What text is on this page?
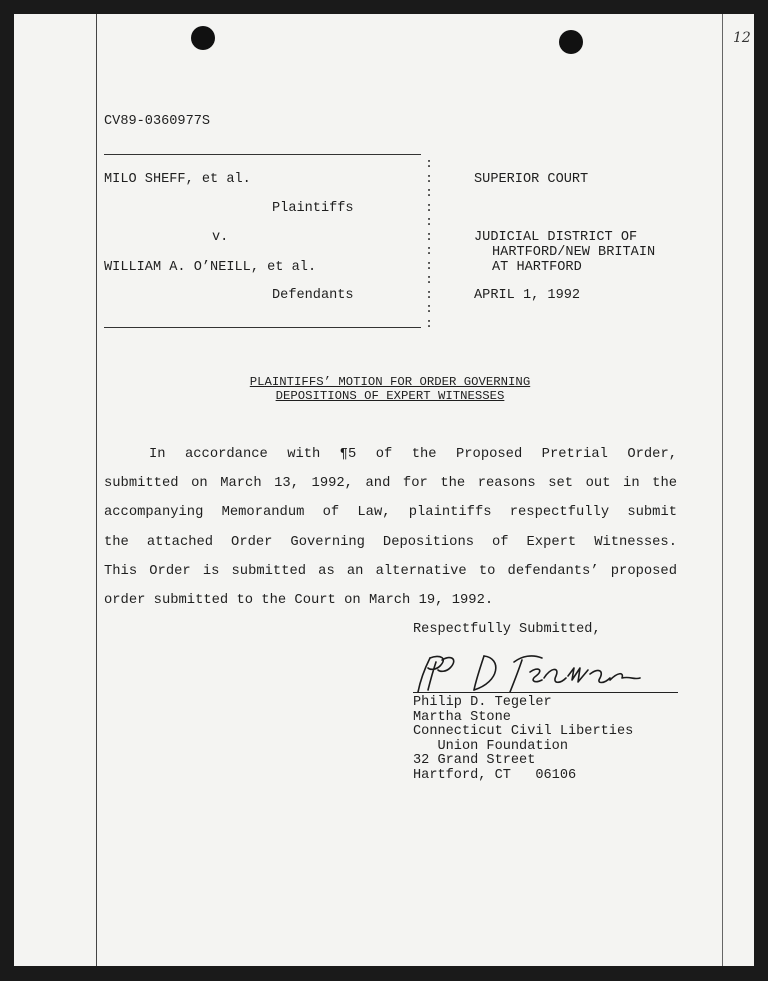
12
CV89-0360977S
MILO SHEFF, et al.
Plaintiffs
v.
WILLIAM A. O’NEILL, et al.
Defendants
:
:
:
:
:
:
:
:
:
:
:
:
SUPERIOR COURT
JUDICIAL DISTRICT OF
HARTFORD/NEW BRITAIN
AT HARTFORD
APRIL 1, 1992
PLAINTIFFS’ MOTION FOR ORDER GOVERNING
DEPOSITIONS OF EXPERT WITNESSES
In accordance with ¶5 of the Proposed Pretrial Order,
submitted on March 13, 1992, and for the reasons set out in the
accompanying Memorandum of Law, plaintiffs respectfully submit
the attached Order Governing Depositions of Expert Witnesses.
This Order is submitted as an alternative to defendants’ proposed
order submitted to the Court on March 19, 1992.
Respectfully Submitted,
Philip D. Tegeler
Martha Stone
Connecticut Civil Liberties
Union Foundation
32 Grand Street
Hartford, CT   06106
